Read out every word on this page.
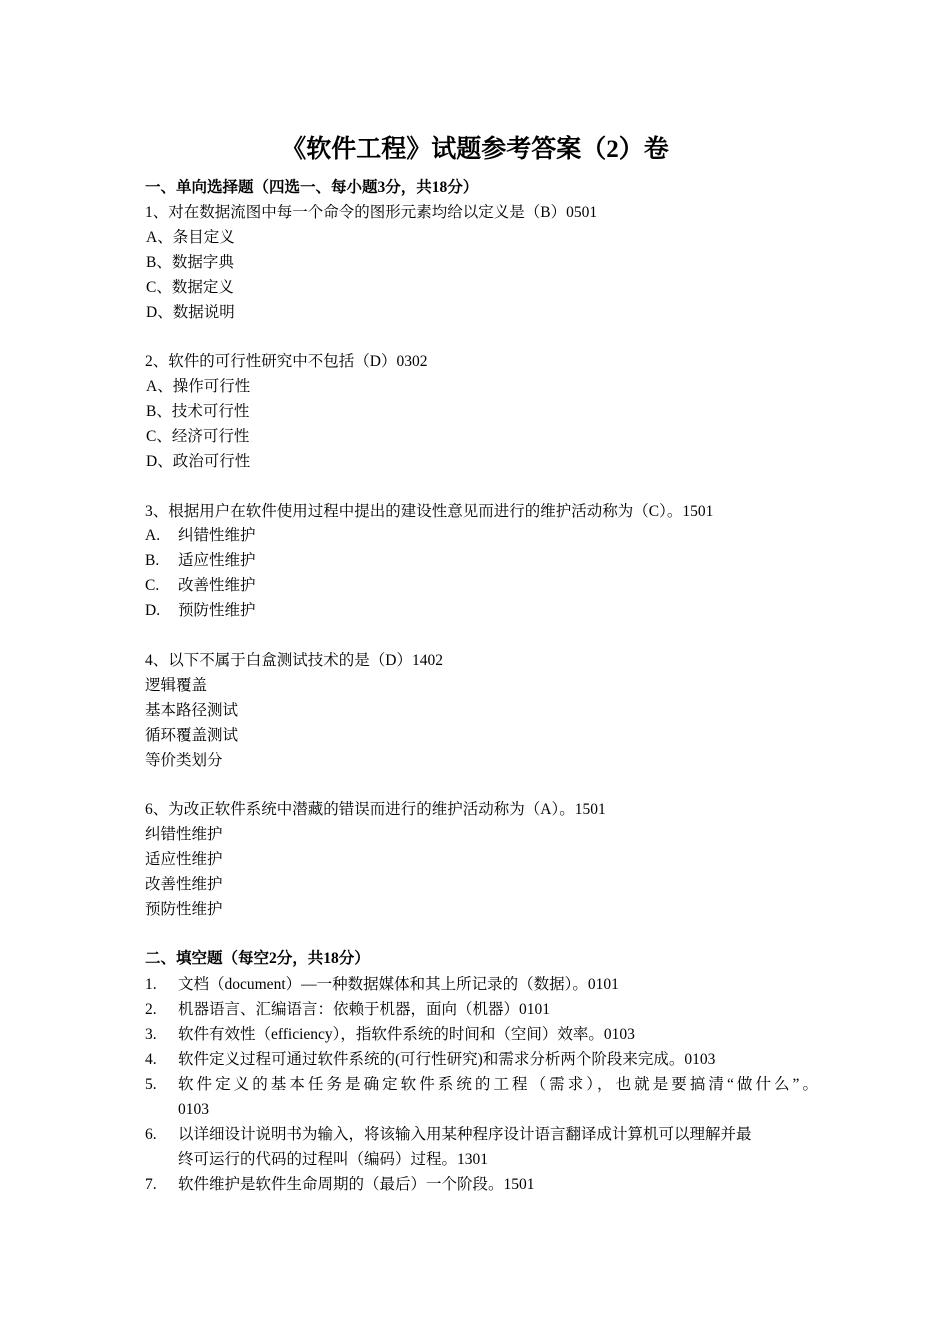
《软件工程》试题参考答案（2）卷
一、单向选择题（四选一、每小题3分，共18分）
1、对在数据流图中每一个命令的图形元素均给以定义是（B）0501
A、条目定义
B、数据字典
C、数据定义
D、数据说明
2、软件的可行性研究中不包括（D）0302
A、操作可行性
B、技术可行性
C、经济可行性
D、政治可行性
3、根据用户在软件使用过程中提出的建设性意见而进行的维护活动称为（C）。1501
A. 纠错性维护
B. 适应性维护
C. 改善性维护
D. 预防性维护
4、以下不属于白盒测试技术的是（D）1402
逻辑覆盖
基本路径测试
循环覆盖测试
等价类划分
6、为改正软件系统中潜藏的错误而进行的维护活动称为（A）。1501
纠错性维护
适应性维护
改善性维护
预防性维护
二、填空题（每空2分，共18分）
1. 文档（document）—一种数据媒体和其上所记录的（数据）。0101
2. 机器语言、汇编语言：依赖于机器，面向（机器）0101
3. 软件有效性（efficiency），指软件系统的时间和（空间）效率。0103
4. 软件定义过程可通过软件系统的(可行性研究)和需求分析两个阶段来完成。0103
5. 软件定义的基本任务是确定软件系统的工程（需求），也就是要搞清“做什么”。
0103
6. 以详细设计说明书为输入，将该输入用某种程序设计语言翻译成计算机可以理解并最
终可运行的代码的过程叫（编码）过程。1301
7. 软件维护是软件生命周期的（最后）一个阶段。1501
